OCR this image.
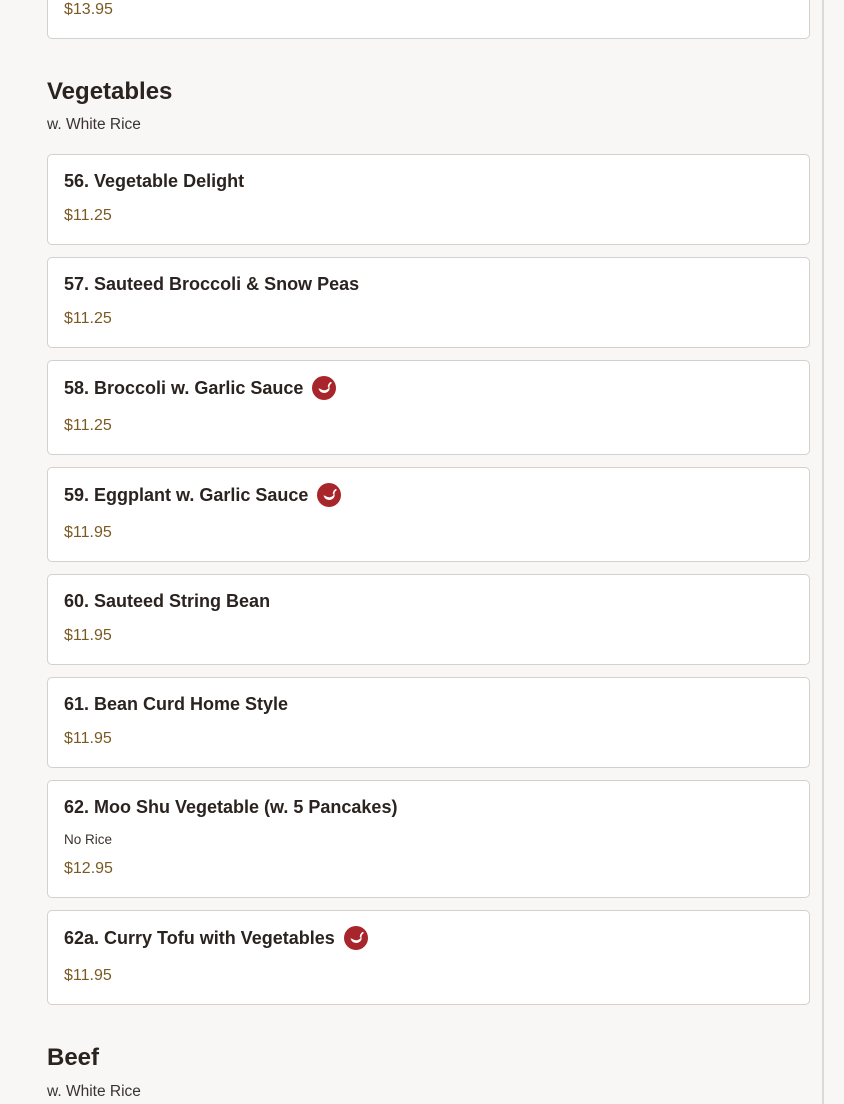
$13.95
Vegetables
w. White Rice
56. Vegetable Delight
$11.25
57. Sauteed Broccoli & Snow Peas
$11.25
58. Broccoli w. Garlic Sauce
$11.25
59. Eggplant w. Garlic Sauce
$11.95
60. Sauteed String Bean
$11.95
61. Bean Curd Home Style
$11.95
62. Moo Shu Vegetable (w. 5 Pancakes)
No Rice
$12.95
62a. Curry Tofu with Vegetables
$11.95
Beef
w. White Rice
